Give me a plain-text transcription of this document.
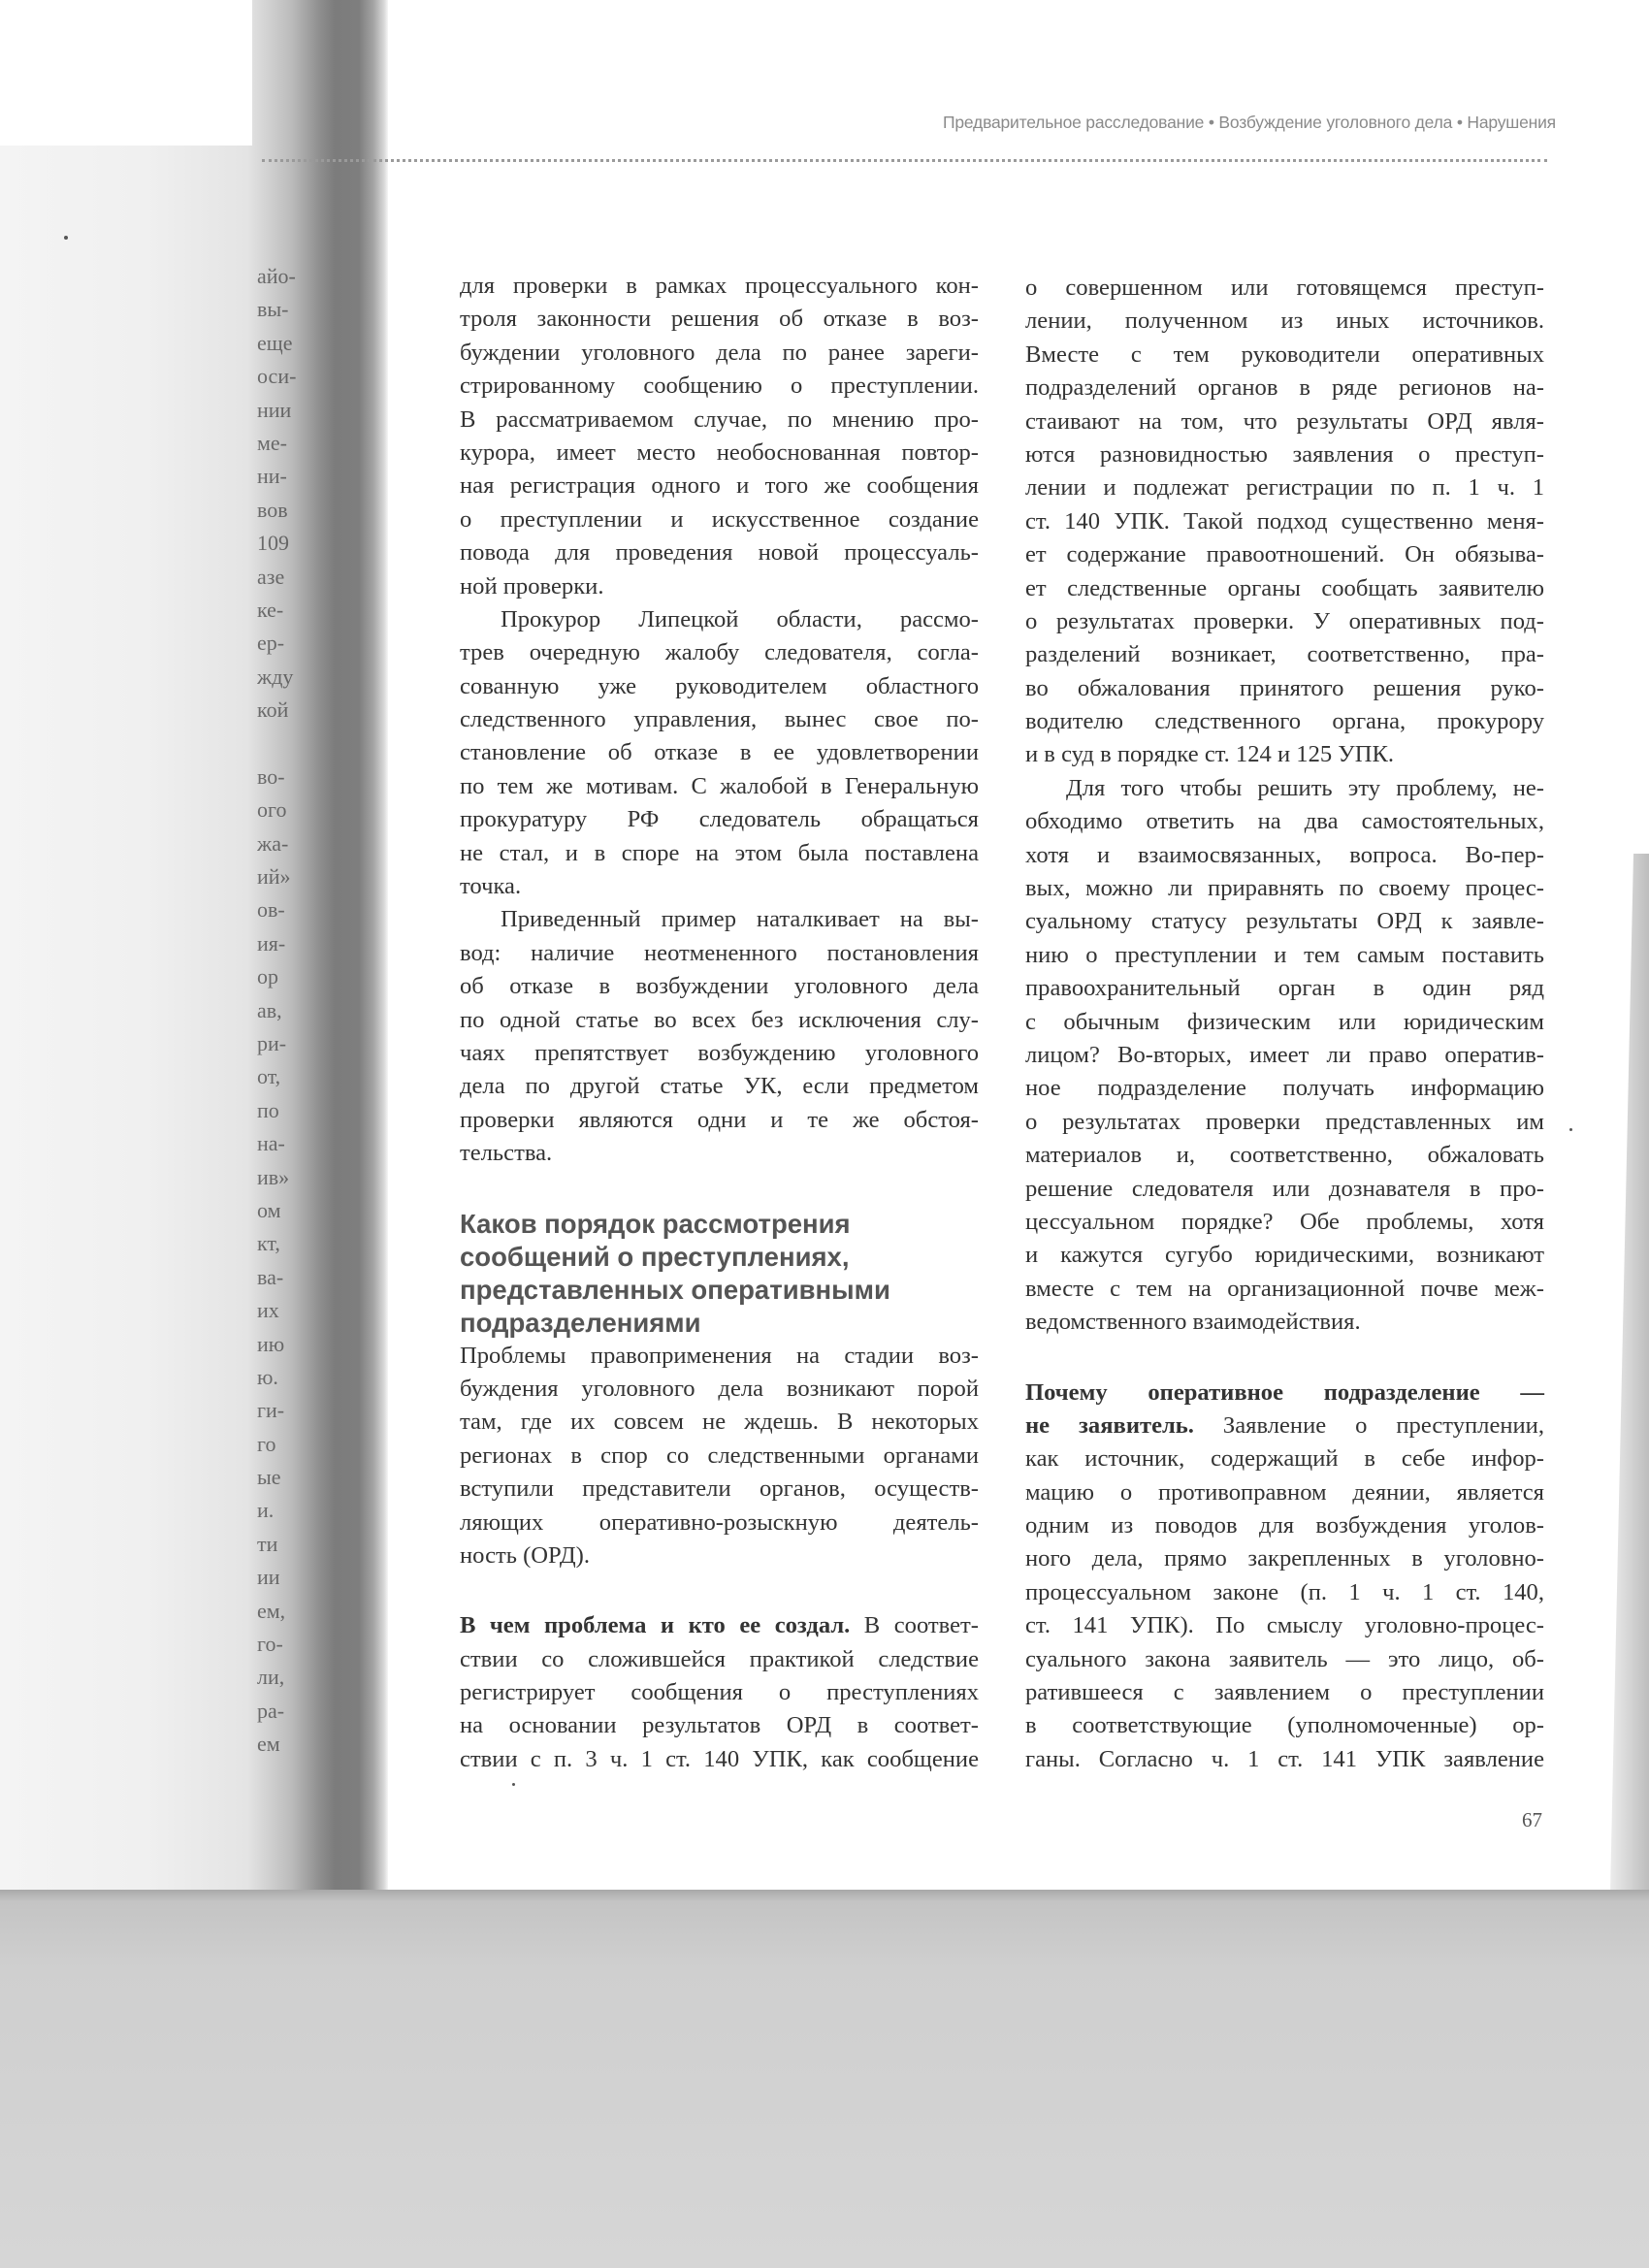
айо-
вы-
еще
оси-
нии
ме-
ни-
вов
109
азе
ке-
ер-
жду
кой
во-
ого
жа-
ий»
ов-
ия-
ор
ав,
ри-
от,
по
на-
ив»
ом
кт,
ва-
их
ию
ю.
ги-
го
ые
и.
ти
ии
ем,
го-
ли,
ра-
ем
Предварительное расследование • Возбуждение уголовного дела • Нарушения
для проверки в рамках процессуального кон-
троля законности решения об отказе в воз-
буждении уголовного дела по ранее зареги-
стрированному сообщению о преступлении.
В рассматриваемом случае, по мнению про-
курора, имеет место необоснованная повтор-
ная регистрация одного и того же сообщения
о преступлении и искусственное создание
повода для проведения новой процессуаль-
ной проверки.
Прокурор Липецкой области, рассмо-
трев очередную жалобу следователя, согла-
сованную уже руководителем областного
следственного управления, вынес свое по-
становление об отказе в ее удовлетворении
по тем же мотивам. С жалобой в Генеральную
прокуратуру РФ следователь обращаться
не стал, и в споре на этом была поставлена
точка.
Приведенный пример наталкивает на вы-
вод: наличие неотмененного постановления
об отказе в возбуждении уголовного дела
по одной статье во всех без исключения слу-
чаях препятствует возбуждению уголовного
дела по другой статье УК, если предметом
проверки являются одни и те же обстоя-
тельства.
Каков порядок рассмотрения
сообщений о преступлениях,
представленных оперативными
подразделениями
Проблемы правоприменения на стадии воз-
буждения уголовного дела возникают порой
там, где их совсем не ждешь. В некоторых
регионах в спор со следственными органами
вступили представители органов, осуществ-
ляющих оперативно-розыскную деятель-
ность (ОРД).
В чем проблема и кто ее создал. В соответ-
ствии со сложившейся практикой следствие
регистрирует сообщения о преступлениях
на основании результатов ОРД в соответ-
ствии с п. 3 ч. 1 ст. 140 УПК, как сообщение
о совершенном или готовящемся преступ-
лении, полученном из иных источников.
Вместе с тем руководители оперативных
подразделений органов в ряде регионов на-
стаивают на том, что результаты ОРД явля-
ются разновидностью заявления о преступ-
лении и подлежат регистрации по п. 1 ч. 1
ст. 140 УПК. Такой подход существенно меня-
ет содержание правоотношений. Он обязыва-
ет следственные органы сообщать заявителю
о результатах проверки. У оперативных под-
разделений возникает, соответственно, пра-
во обжалования принятого решения руко-
водителю следственного органа, прокурору
и в суд в порядке ст. 124 и 125 УПК.
Для того чтобы решить эту проблему, не-
обходимо ответить на два самостоятельных,
хотя и взаимосвязанных, вопроса. Во-пер-
вых, можно ли приравнять по своему процес-
суальному статусу результаты ОРД к заявле-
нию о преступлении и тем самым поставить
правоохранительный орган в один ряд
с обычным физическим или юридическим
лицом? Во-вторых, имеет ли право оператив-
ное подразделение получать информацию
о результатах проверки представленных им
материалов и, соответственно, обжаловать
решение следователя или дознавателя в про-
цессуальном порядке? Обе проблемы, хотя
и кажутся сугубо юридическими, возникают
вместе с тем на организационной почве меж-
ведомственного взаимодействия.
Почему оперативное подразделение —
не заявитель. Заявление о преступлении,
как источник, содержащий в себе инфор-
мацию о противоправном деянии, является
одним из поводов для возбуждения уголов-
ного дела, прямо закрепленных в уголовно-
процессуальном законе (п. 1 ч. 1 ст. 140,
ст. 141 УПК). По смыслу уголовно-процес-
суального закона заявитель — это лицо, об-
ратившееся с заявлением о преступлении
в соответствующие (уполномоченные) ор-
ганы. Согласно ч. 1 ст. 141 УПК заявление
67
